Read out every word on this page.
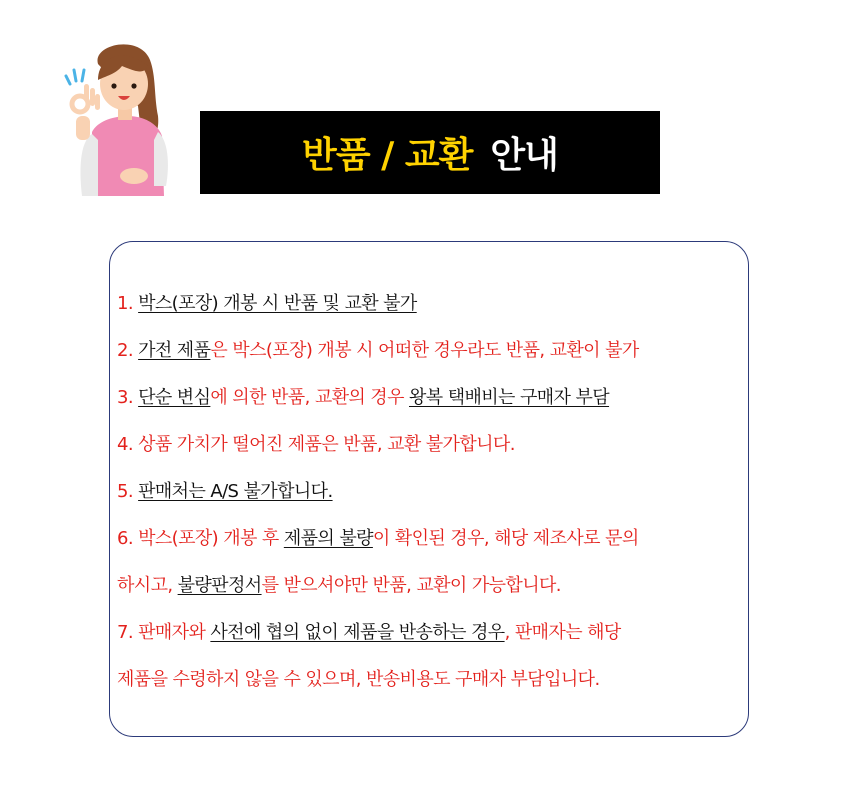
반품 / 교환 안내
1. 박스(포장) 개봉 시 반품 및 교환 불가
2. 가전 제품은 박스(포장) 개봉 시 어떠한 경우라도 반품, 교환이 불가
3. 단순 변심에 의한 반품, 교환의 경우 왕복 택배비는 구매자 부담
4. 상품 가치가 떨어진 제품은 반품, 교환 불가합니다.
5. 판매처는 A/S 불가합니다.
6. 박스(포장) 개봉 후 제품의 불량이 확인된 경우, 해당 제조사로 문의
하시고, 불량판정서를 받으셔야만 반품, 교환이 가능합니다.
7. 판매자와 사전에 협의 없이 제품을 반송하는 경우, 판매자는 해당
제품을 수령하지 않을 수 있으며, 반송비용도 구매자 부담입니다.
